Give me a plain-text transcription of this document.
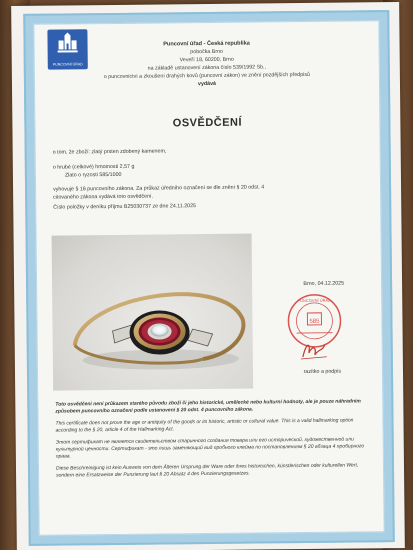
PUNCOVNÍ ÚŘAD
Puncovní úřad - Česká republika
pobočka Brno
Veveří 18, 60200, Brno
na základě ustanovení zákona číslo 539/1992 Sb.,
o puncovnictví a zkoušení drahých kovů (puncovní zákon) ve znění pozdějších předpisů
vydává
OSVĚDČENÍ
o tom, že zboží: zlatý prsten zdobený kamenem,
o hrubé (celkové) hmotnosti 2,57 g
Zlato o ryzosti 585/1000
vyhovuje § 16 puncovního zákona. Za průkaz úředního označení se dle znění § 20 odst. 4
citovaného zákona vydává toto osvědčení.
Číslo položky v deníku příjmu B25030737 ze dne 24.11.2025
Brno, 04.12.2025
585
PUNCOVNÍ ÚŘAD
razítko a podpis

Toto osvědčení není průkazem starého původu zboží či jeho historické, umělecké nebo kulturní hodnoty, ale je pouze náhradním způsobem puncovního označení podle ustanovení § 20 odst. 4 puncovního zákona.

This certificate does not prove the age or antiquity of the goods or its historic, artistic or cultural value. This is a valid hallmarking option according to the § 20, article 4 of the Hallmarking Act.

Этот сертификат не является свидетельством старинного создания товара или его исторической, художественной или культурной ценности. Сертификат - это лишь заменяющий вид пробного клейма по постановлениям § 20 абзаца 4 пробирного права.

Diese Beschreinigung ist kein Ausweis von dem Älteren Ursprung der Ware oder ihres historischen, künstlerischen oder kulturellen Wert, sondern eine Ersatzweise der Punzierung laut § 20 Absatz 4 des Punzierungsgesetzes.
